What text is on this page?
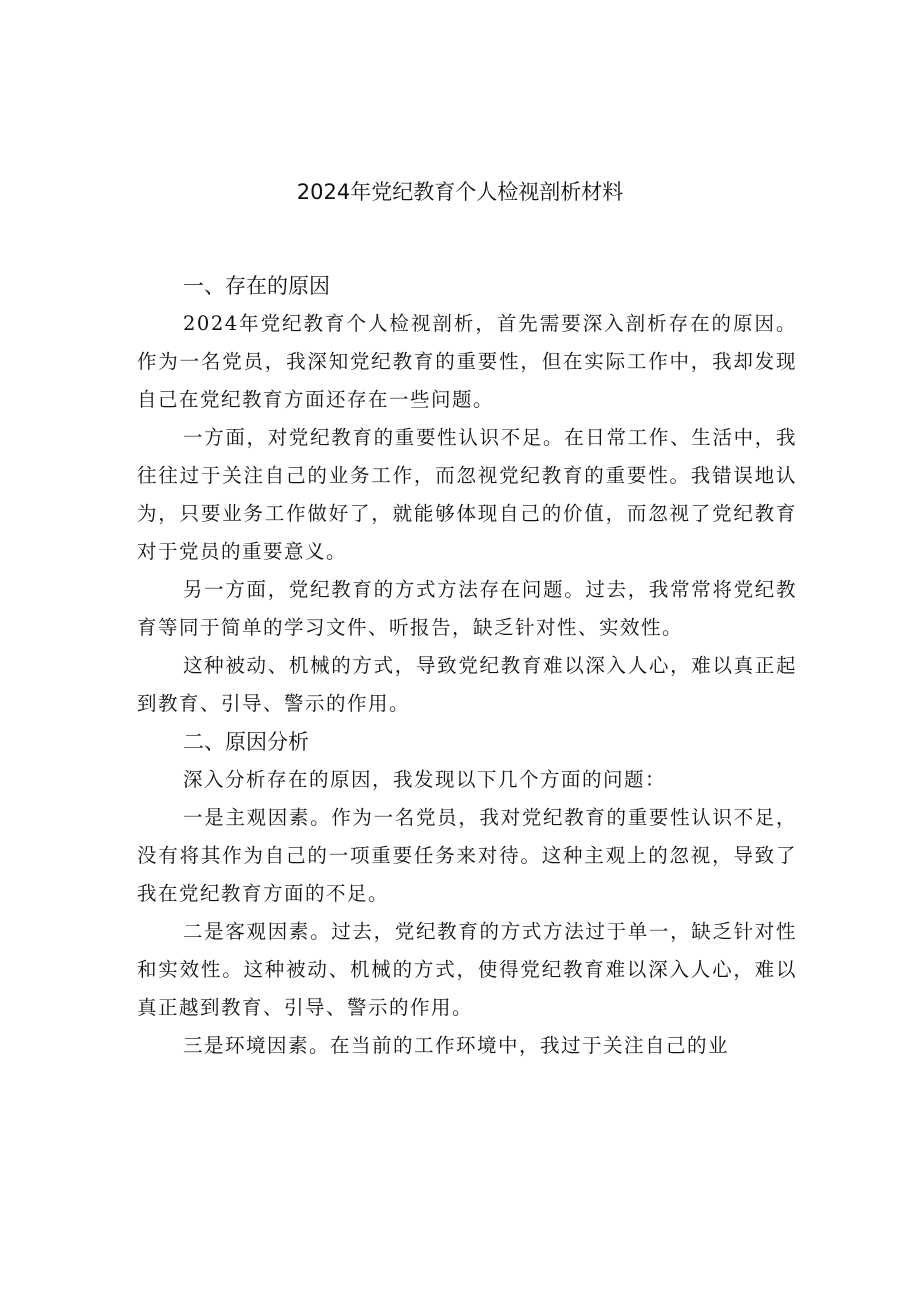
2024年党纪教育个人检视剖析材料
一、存在的原因

2024年党纪教育个人检视剖析，首先需要深入剖析存在的原因。作为一名党员，我深知党纪教育的重要性，但在实际工作中，我却发现自己在党纪教育方面还存在一些问题。

一方面，对党纪教育的重要性认识不足。在日常工作、生活中，我往往过于关注自己的业务工作，而忽视党纪教育的重要性。我错误地认为，只要业务工作做好了，就能够体现自己的价值，而忽视了党纪教育对于党员的重要意义。

另一方面，党纪教育的方式方法存在问题。过去，我常常将党纪教育等同于简单的学习文件、听报告，缺乏针对性、实效性。

这种被动、机械的方式，导致党纪教育难以深入人心，难以真正起到教育、引导、警示的作用。

二、原因分析

深入分析存在的原因，我发现以下几个方面的问题：

一是主观因素。作为一名党员，我对党纪教育的重要性认识不足，没有将其作为自己的一项重要任务来对待。这种主观上的忽视，导致了我在党纪教育方面的不足。

二是客观因素。过去，党纪教育的方式方法过于单一，缺乏针对性和实效性。这种被动、机械的方式，使得党纪教育难以深入人心，难以真正越到教育、引导、警示的作用。

三是环境因素。在当前的工作环境中，我过于关注自己的业
